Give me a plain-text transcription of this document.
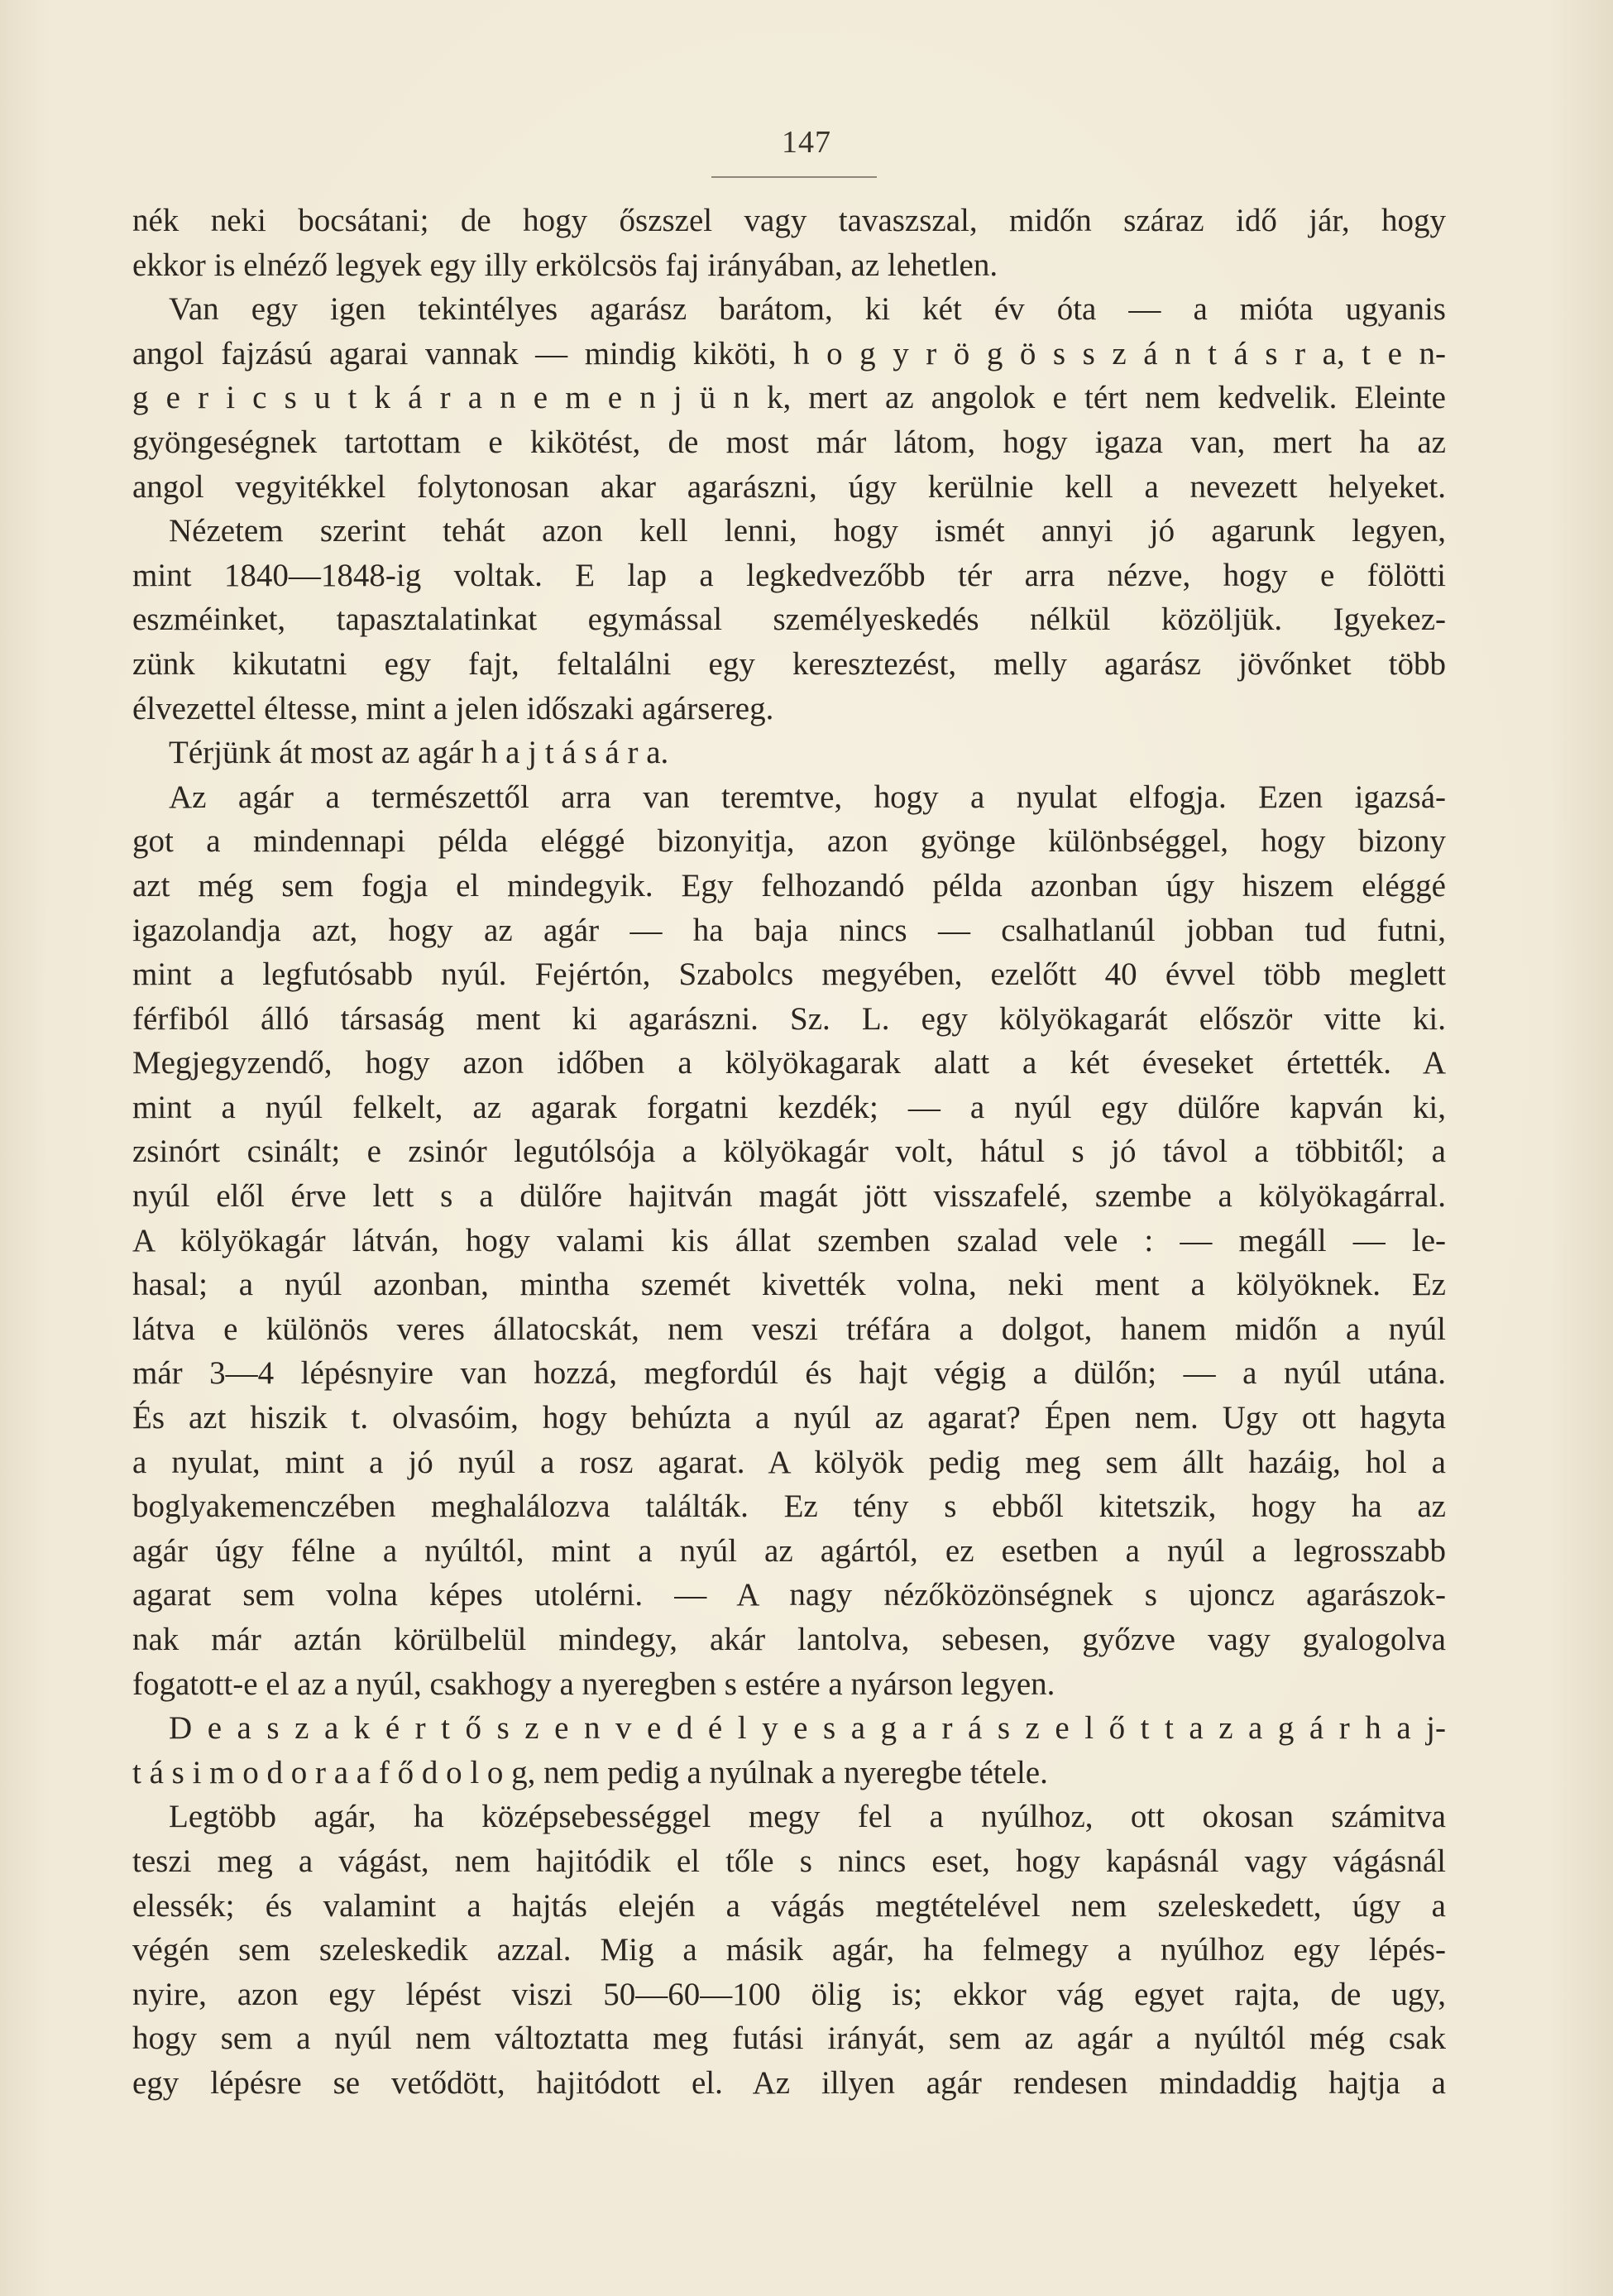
147
nék neki bocsátani; de hogy őszszel vagy tavaszszal, midőn száraz idő jár, hogy
ekkor is elnéző legyek egy illy erkölcsös faj irányában, az lehetlen.
Van egy igen tekintélyes agarász barátom, ki két év óta — a mióta ugyanis
angol fajzású agarai vannak — mindig kiköti, h o g y r ö g ö s s z á n t á s r a, t e n-
g e r i c s u t k á r a n e m e n j ü n k, mert az angolok e tért nem kedvelik. Eleinte
gyöngeségnek tartottam e kikötést, de most már látom, hogy igaza van, mert ha az
angol vegyitékkel folytonosan akar agarászni, úgy kerülnie kell a nevezett helyeket.
Nézetem szerint tehát azon kell lenni, hogy ismét annyi jó agarunk legyen,
mint 1840—1848-ig voltak. E lap a legkedvezőbb tér arra nézve, hogy e fölötti
eszméinket, tapasztalatinkat egymással személyeskedés nélkül közöljük. Igyekez-
zünk kikutatni egy fajt, feltalálni egy keresztezést, melly agarász jövőnket több
élvezettel éltesse, mint a jelen időszaki agársereg.
Térjünk át most az agár h a j t á s á r a.
Az agár a természettől arra van teremtve, hogy a nyulat elfogja. Ezen igazsá-
got a mindennapi példa eléggé bizonyitja, azon gyönge különbséggel, hogy bizony
azt még sem fogja el mindegyik. Egy felhozandó példa azonban úgy hiszem eléggé
igazolandja azt, hogy az agár — ha baja nincs — csalhatlanúl jobban tud futni,
mint a legfutósabb nyúl. Fejértón, Szabolcs megyében, ezelőtt 40 évvel több meglett
férfiból álló társaság ment ki agarászni. Sz. L. egy kölyökagarát először vitte ki.
Megjegyzendő, hogy azon időben a kölyökagarak alatt a két éveseket értették. A
mint a nyúl felkelt, az agarak forgatni kezdék; — a nyúl egy dülőre kapván ki,
zsinórt csinált; e zsinór legutólsója a kölyökagár volt, hátul s jó távol a többitől; a
nyúl elől érve lett s a dülőre hajitván magát jött visszafelé, szembe a kölyökagárral.
A kölyökagár látván, hogy valami kis állat szemben szalad vele : — megáll — le-
hasal; a nyúl azonban, mintha szemét kivették volna, neki ment a kölyöknek. Ez
látva e különös veres állatocskát, nem veszi tréfára a dolgot, hanem midőn a nyúl
már 3—4 lépésnyire van hozzá, megfordúl és hajt végig a dülőn; — a nyúl utána.
És azt hiszik t. olvasóim, hogy behúzta a nyúl az agarat? Épen nem. Ugy ott hagyta
a nyulat, mint a jó nyúl a rosz agarat. A kölyök pedig meg sem állt hazáig, hol a
boglyakemenczében meghalálozva találták. Ez tény s ebből kitetszik, hogy ha az
agár úgy félne a nyúltól, mint a nyúl az agártól, ez esetben a nyúl a legrosszabb
agarat sem volna képes utolérni. — A nagy nézőközönségnek s ujoncz agarászok-
nak már aztán körülbelül mindegy, akár lantolva, sebesen, győzve vagy gyalogolva
fogatott-e el az a nyúl, csakhogy a nyeregben s estére a nyárson legyen.
D e a s z a k é r t ő s z e n v e d é l y e s a g a r á s z e l ő t t a z a g á r h a j-
t á s i m o d o r a a f ő d o l o g, nem pedig a nyúlnak a nyeregbe tétele.
Legtöbb agár, ha középsebességgel megy fel a nyúlhoz, ott okosan számitva
teszi meg a vágást, nem hajitódik el tőle s nincs eset, hogy kapásnál vagy vágásnál
elessék; és valamint a hajtás elején a vágás megtételével nem szeleskedett, úgy a
végén sem szeleskedik azzal. Mig a másik agár, ha felmegy a nyúlhoz egy lépés-
nyire, azon egy lépést viszi 50—60—100 ölig is; ekkor vág egyet rajta, de ugy,
hogy sem a nyúl nem változtatta meg futási irányát, sem az agár a nyúltól még csak
egy lépésre se vetődött, hajitódott el. Az illyen agár rendesen mindaddig hajtja a
